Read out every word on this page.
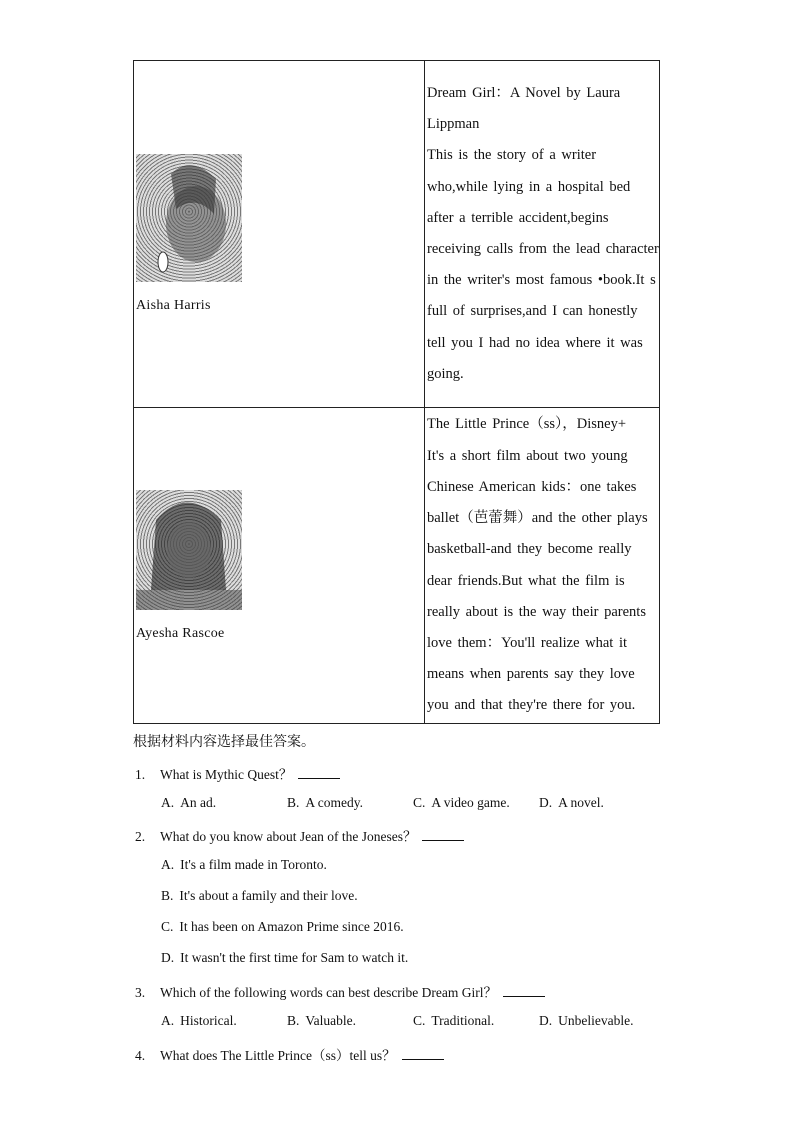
Aisha Harris	Dream Girl：A Novel by Laura Lippman
This is the story of a writer who,while lying in a hospital bed after a terrible accident,begins receiving calls from the lead character in the writer's most famous •book.It s full of surprises,and I can honestly tell you I had no idea where it was going.

Ayesha Rascoe	The Little Prince（ss），Disney+
It's a short film about two young Chinese American kids：one takes ballet（芭蕾舞）and the other plays basketball-and they become really dear friends.But what the film is really about is the way their parents love them：You'll realize what it means when parents say they love you and that they're there for you.
根据材料内容选择最佳答案。
1. What is Mythic Quest？
A. An ad.	B. A comedy.	C. A video game. D. A novel.
2. What do you know about Jean of the Joneses？
A. It's a film made in Toronto.
B. It's about a family and their love.
C. It has been on Amazon Prime since 2016.
D. It wasn't the first time for Sam to watch it.
3. Which of the following words can best describe Dream Girl？
A. Historical.	B. Valuable.	C. Traditional.	D. Unbelievable.
4. What does The Little Prince（ss）tell us？
